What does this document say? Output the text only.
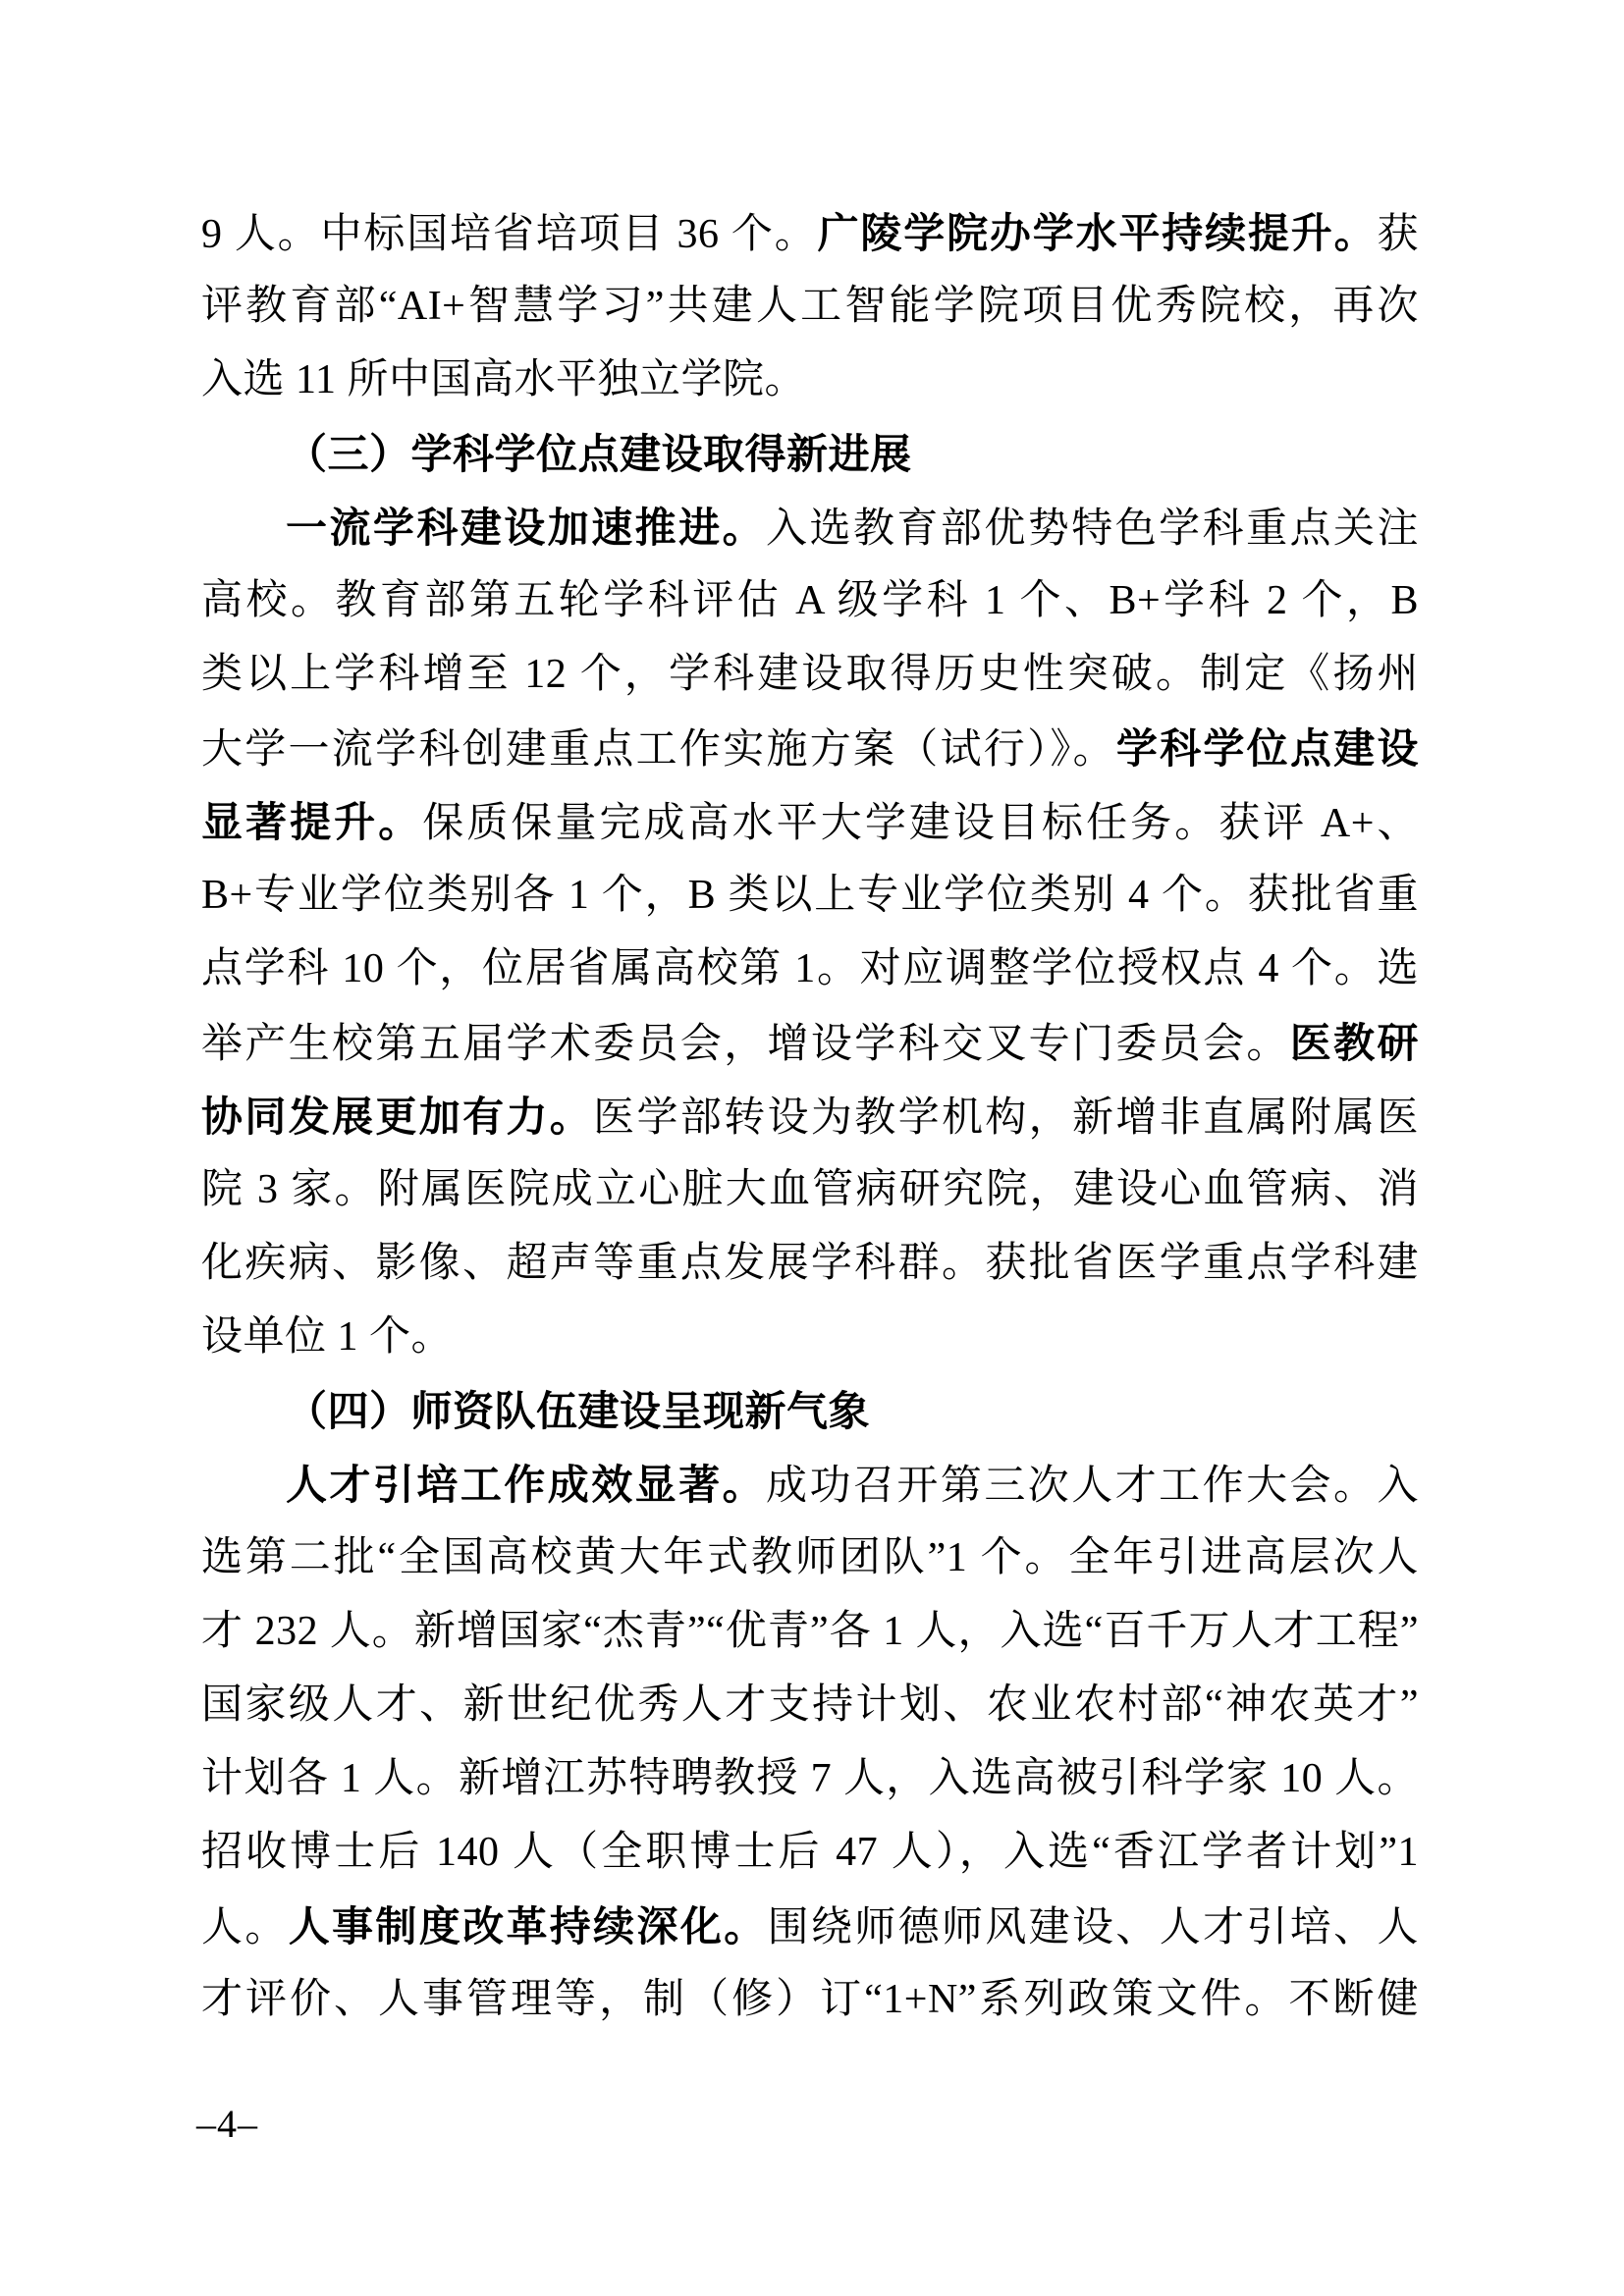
9 人。中标国培省培项目 36 个。广陵学院办学水平持续提升。获
评教育部“AI+智慧学习”共建人工智能学院项目优秀院校，再次
入选 11 所中国高水平独立学院。
（三）学科学位点建设取得新进展
一流学科建设加速推进。入选教育部优势特色学科重点关注
高校。教育部第五轮学科评估 A 级学科 1 个、B+学科 2 个，B
类以上学科增至 12 个，学科建设取得历史性突破。制定《扬州
大学一流学科创建重点工作实施方案（试行）》。学科学位点建设
显著提升。保质保量完成高水平大学建设目标任务。获评 A+、
B+专业学位类别各 1 个，B 类以上专业学位类别 4 个。获批省重
点学科 10 个，位居省属高校第 1。对应调整学位授权点 4 个。选
举产生校第五届学术委员会，增设学科交叉专门委员会。医教研
协同发展更加有力。医学部转设为教学机构，新增非直属附属医
院 3 家。附属医院成立心脏大血管病研究院，建设心血管病、消
化疾病、影像、超声等重点发展学科群。获批省医学重点学科建
设单位 1 个。
（四）师资队伍建设呈现新气象
人才引培工作成效显著。成功召开第三次人才工作大会。入
选第二批“全国高校黄大年式教师团队”1 个。全年引进高层次人
才 232 人。新增国家“杰青”“优青”各 1 人，入选“百千万人才工程”
国家级人才、新世纪优秀人才支持计划、农业农村部“神农英才”
计划各 1 人。新增江苏特聘教授 7 人，入选高被引科学家 10 人。
招收博士后 140 人（全职博士后 47 人），入选“香江学者计划”1
人。人事制度改革持续深化。围绕师德师风建设、人才引培、人
才评价、人事管理等，制（修）订“1+N”系列政策文件。不断健
–4–
